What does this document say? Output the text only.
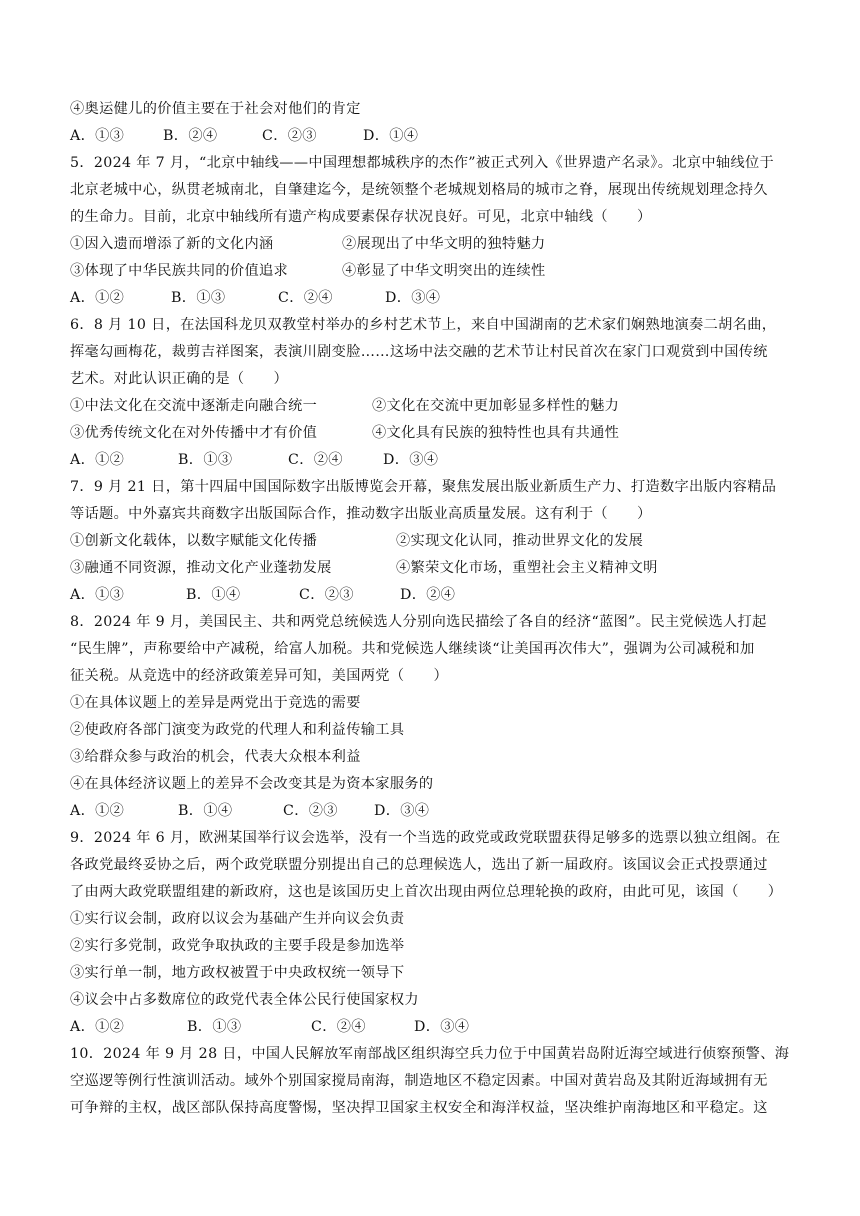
④奥运健儿的价值主要在于社会对他们的肯定
A．①③	B．②④	C．②③	D．①④
5．2024 年 7 月，“北京中轴线——中国理想都城秩序的杰作”被正式列入《世界遗产名录》。北京中轴线位于
北京老城中心，纵贯老城南北，自肇建迄今，是统领整个老城规划格局的城市之脊，展现出传统规划理念持久
的生命力。目前，北京中轴线所有遗产构成要素保存状况良好。可见，北京中轴线（　　）
①因入遗而增添了新的文化内涵	②展现出了中华文明的独特魅力
③体现了中华民族共同的价值追求	④彰显了中华文明突出的连续性
A．①②	B．①③	C．②④	D．③④
6．8 月 10 日，在法国科龙贝双教堂村举办的乡村艺术节上，来自中国湖南的艺术家们娴熟地演奏二胡名曲，
挥毫勾画梅花，裁剪吉祥图案，表演川剧变脸……这场中法交融的艺术节让村民首次在家门口观赏到中国传统
艺术。对此认识正确的是（　　）
①中法文化在交流中逐渐走向融合统一	②文化在交流中更加彰显多样性的魅力
③优秀传统文化在对外传播中才有价值	④文化具有民族的独特性也具有共通性
A．①②	B．①③	C．②④	D．③④
7．9 月 21 日，第十四届中国国际数字出版博览会开幕，聚焦发展出版业新质生产力、打造数字出版内容精品
等话题。中外嘉宾共商数字出版国际合作，推动数字出版业高质量发展。这有利于（　　）
①创新文化载体，以数字赋能文化传播	②实现文化认同，推动世界文化的发展
③融通不同资源，推动文化产业蓬勃发展	④繁荣文化市场，重塑社会主义精神文明
A．①③	B．①④	C．②③	D．②④
8．2024 年 9 月，美国民主、共和两党总统候选人分别向选民描绘了各自的经济“蓝图”。民主党候选人打起
“民生牌”，声称要给中产减税，给富人加税。共和党候选人继续谈“让美国再次伟大”，强调为公司减税和加
征关税。从竞选中的经济政策差异可知，美国两党（　　）
①在具体议题上的差异是两党出于竞选的需要
②使政府各部门演变为政党的代理人和利益传输工具
③给群众参与政治的机会，代表大众根本利益
④在具体经济议题上的差异不会改变其是为资本家服务的
A．①②	B．①④	C．②③	D．③④
9．2024 年 6 月，欧洲某国举行议会选举，没有一个当选的政党或政党联盟获得足够多的选票以独立组阁。在
各政党最终妥协之后，两个政党联盟分别提出自己的总理候选人，选出了新一届政府。该国议会正式投票通过
了由两大政党联盟组建的新政府，这也是该国历史上首次出现由两位总理轮换的政府，由此可见，该国（　　）
①实行议会制，政府以议会为基础产生并向议会负责
②实行多党制，政党争取执政的主要手段是参加选举
③实行单一制，地方政权被置于中央政权统一领导下
④议会中占多数席位的政党代表全体公民行使国家权力
A．①②	B．①③	C．②④	D．③④
10．2024 年 9 月 28 日，中国人民解放军南部战区组织海空兵力位于中国黄岩岛附近海空域进行侦察预警、海
空巡逻等例行性演训活动。域外个别国家搅局南海，制造地区不稳定因素。中国对黄岩岛及其附近海域拥有无
可争辩的主权，战区部队保持高度警惕，坚决捍卫国家主权安全和海洋权益，坚决维护南海地区和平稳定。这
